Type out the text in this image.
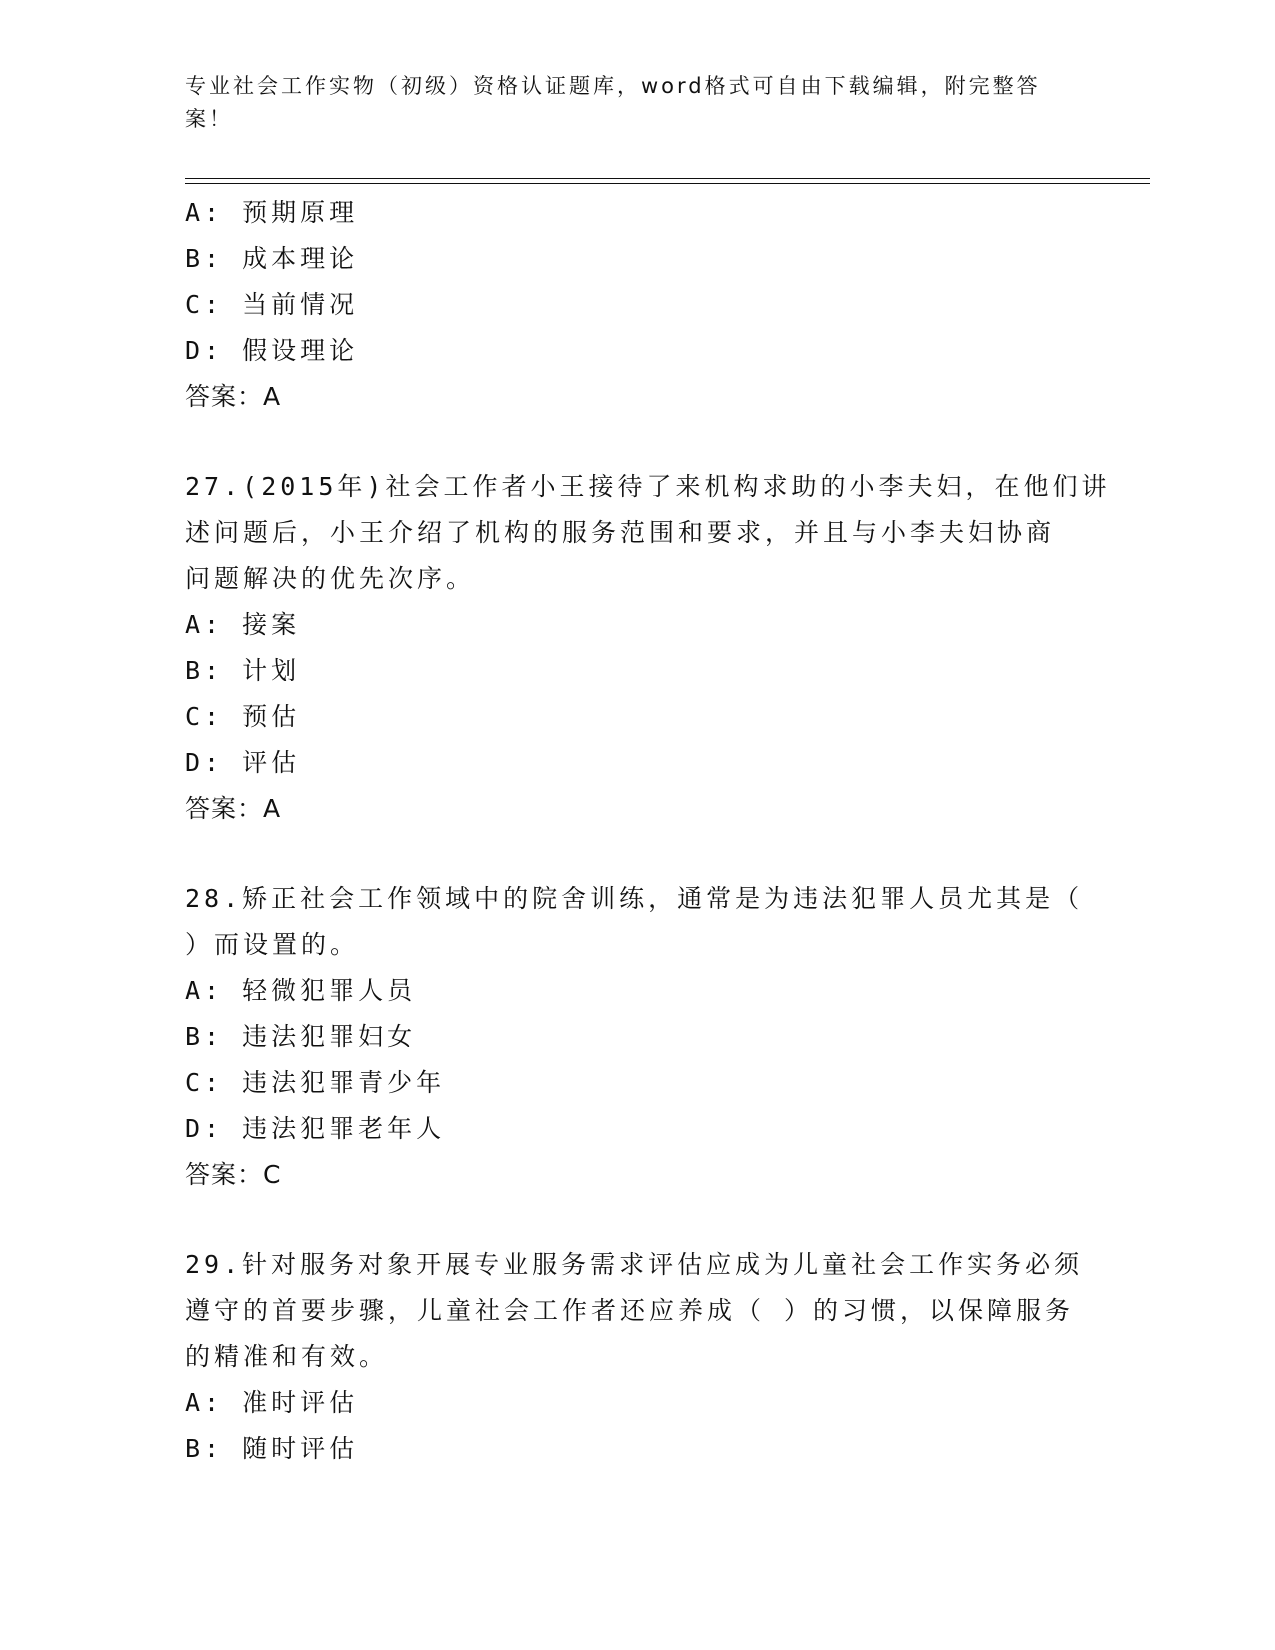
专业社会工作实物（初级）资格认证题库，word格式可自由下载编辑，附完整答
案！
A: 预期原理
B: 成本理论
C: 当前情况
D: 假设理论
答案：A
27.(2015年)社会工作者小王接待了来机构求助的小李夫妇，在他们讲
述问题后，小王介绍了机构的服务范围和要求，并且与小李夫妇协商
问题解决的优先次序。
A: 接案
B: 计划
C: 预估
D: 评估
答案：A
28.矫正社会工作领域中的院舍训练，通常是为违法犯罪人员尤其是（
）而设置的。
A: 轻微犯罪人员
B: 违法犯罪妇女
C: 违法犯罪青少年
D: 违法犯罪老年人
答案：C
29.针对服务对象开展专业服务需求评估应成为儿童社会工作实务必须
遵守的首要步骤，儿童社会工作者还应养成（ ）的习惯，以保障服务
的精准和有效。
A: 准时评估
B: 随时评估
